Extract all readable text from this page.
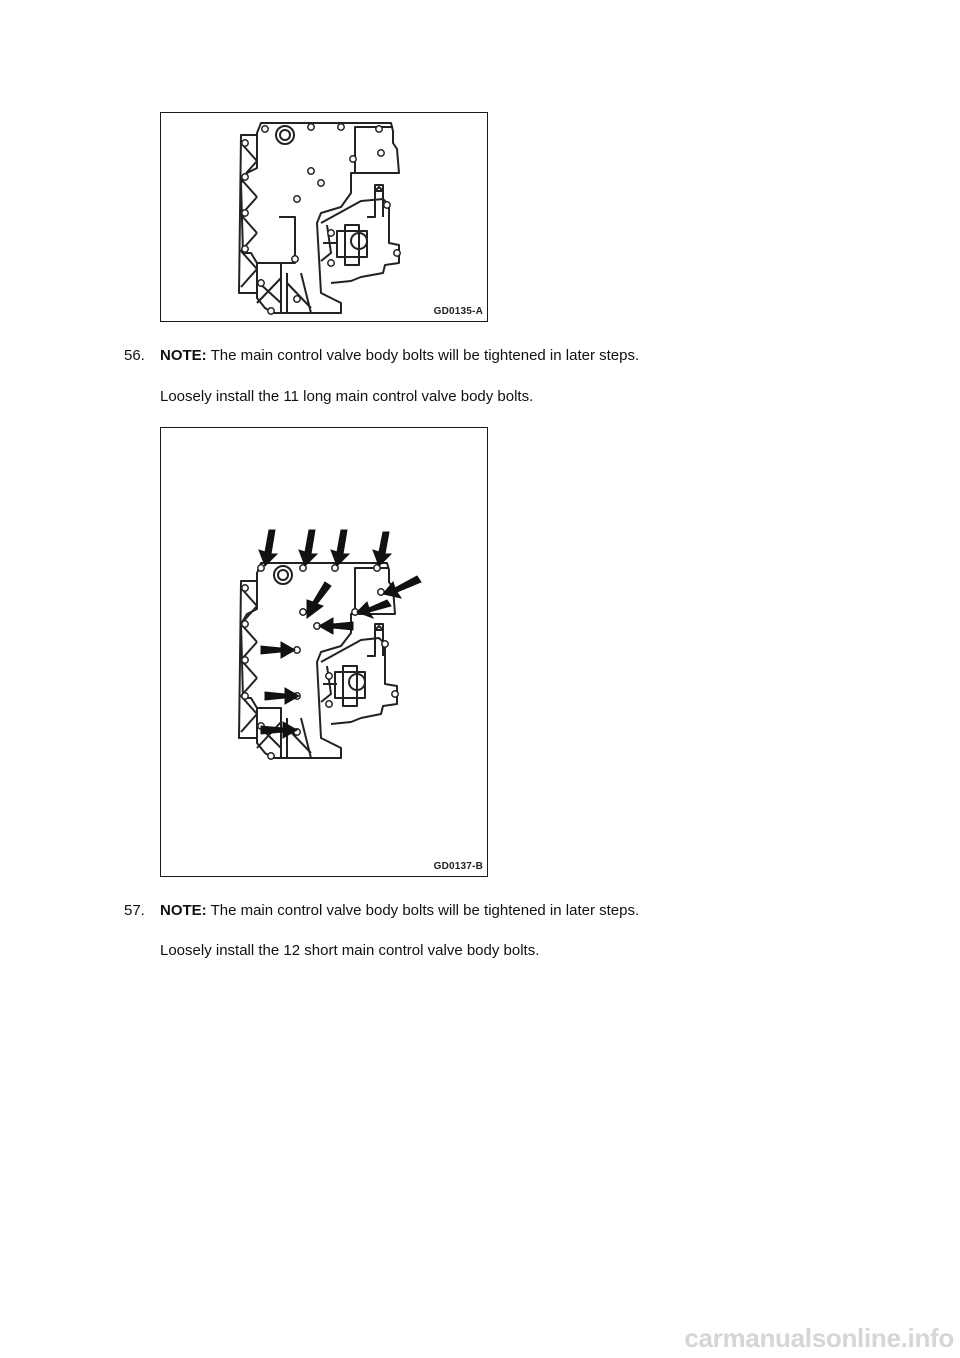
GD0135-A
56. NOTE: The main control valve body bolts will be tightened in later steps.
Loosely install the 11 long main control valve body bolts.
GD0137-B
57. NOTE: The main control valve body bolts will be tightened in later steps.
Loosely install the 12 short main control valve body bolts.
carmanualsonline.info
